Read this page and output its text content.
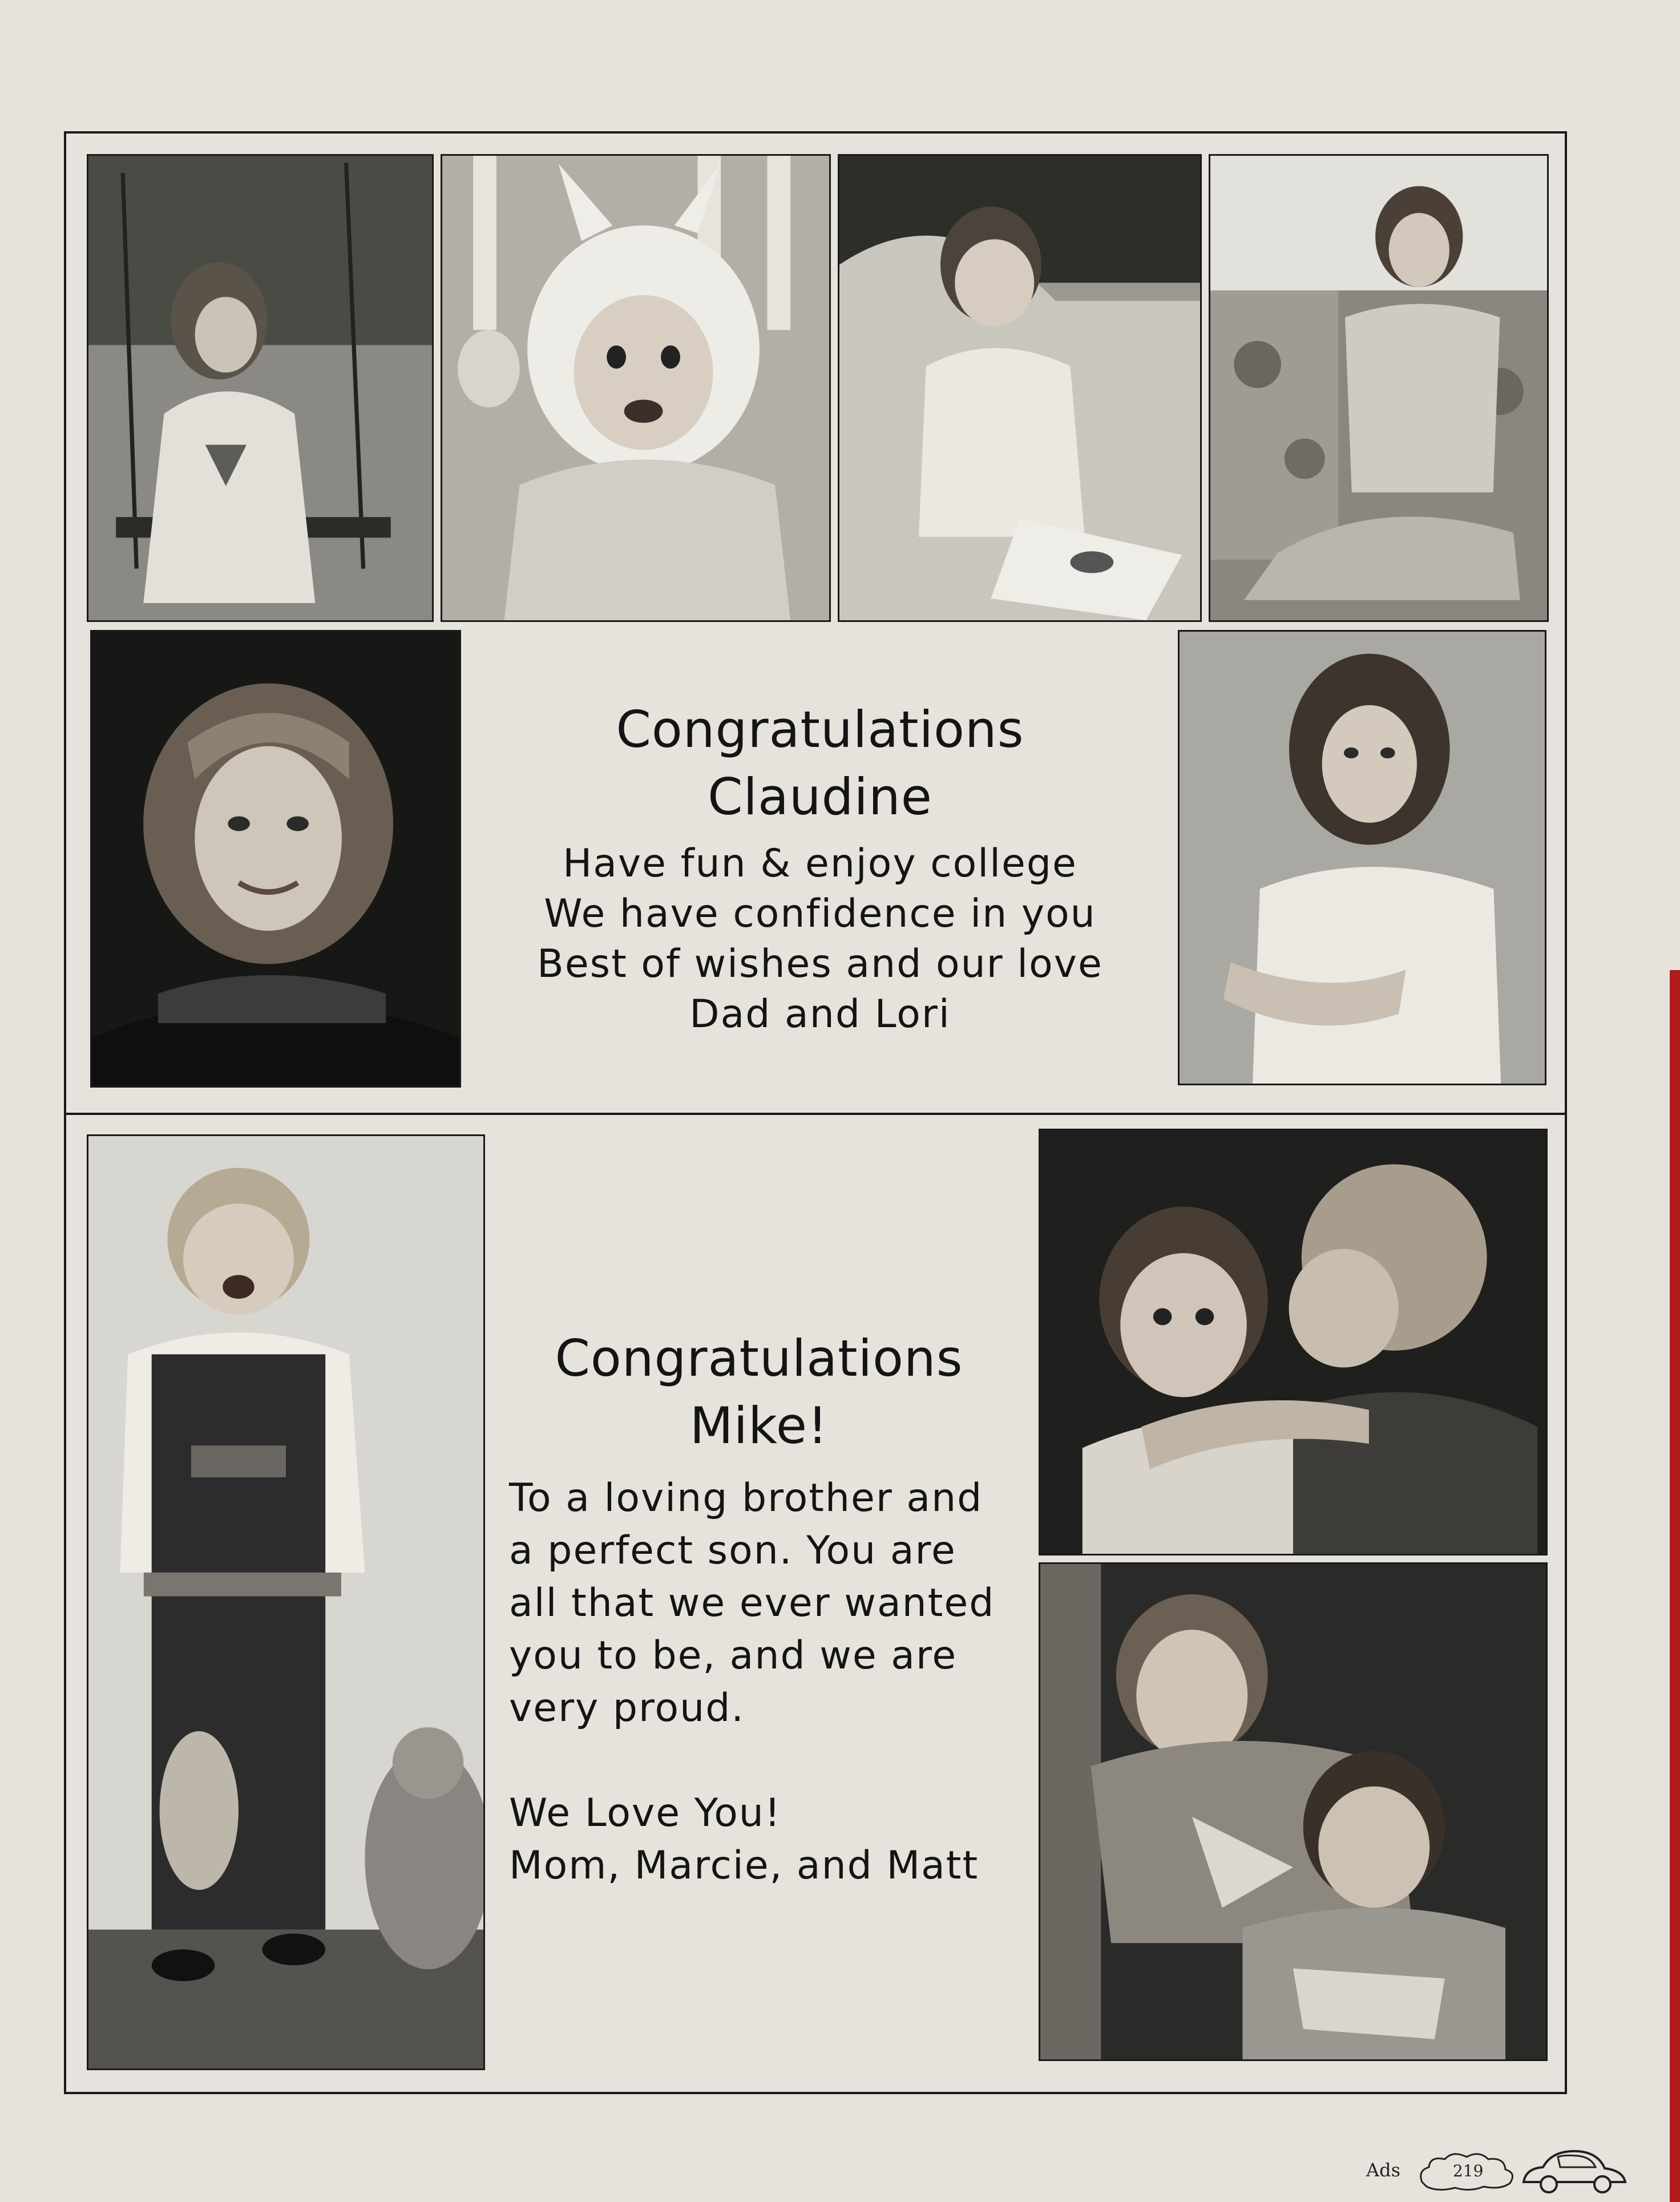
Congratulations
Claudine
Have fun & enjoy college
We have confidence in you
Best of wishes and our love
Dad and Lori
Congratulations
Mike!
To a loving brother and
a perfect son. You are
all that we ever wanted
you to be, and we are
very proud.
We Love You!
Mom, Marcie, and Matt
Ads	219
